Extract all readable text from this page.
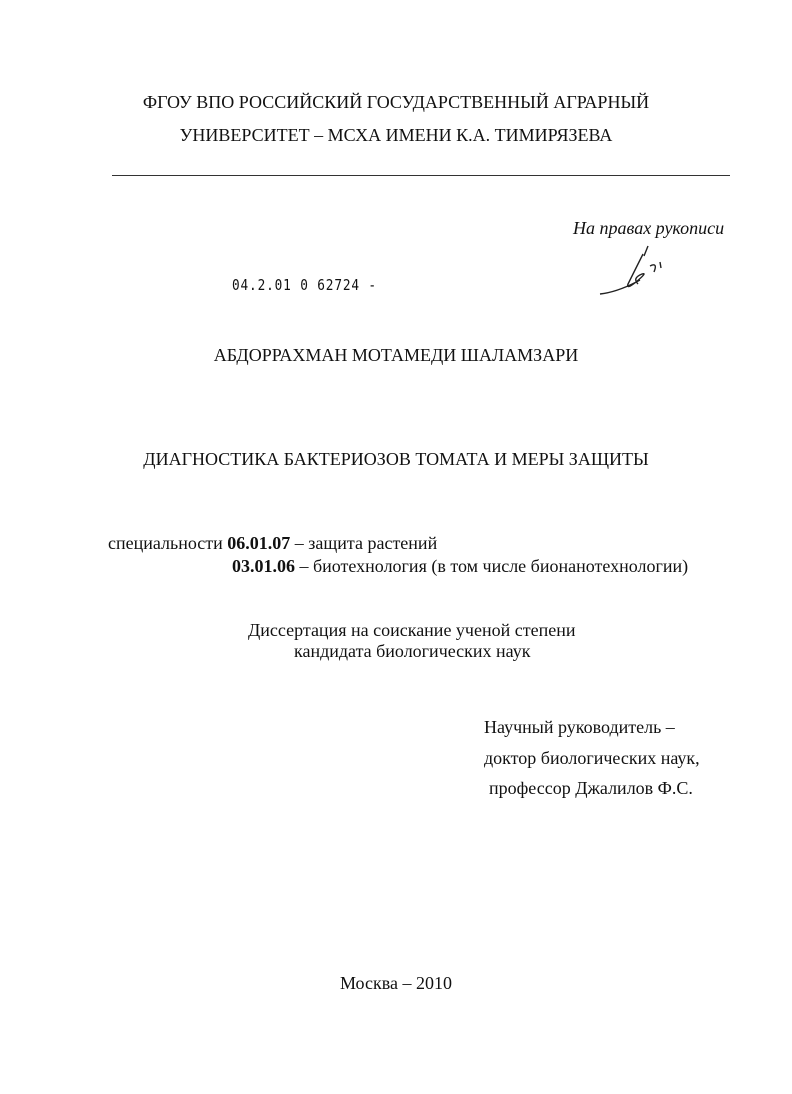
ФГОУ ВПО РОССИЙСКИЙ ГОСУДАРСТВЕННЫЙ АГРАРНЫЙ
УНИВЕРСИТЕТ – МСХА ИМЕНИ К.А. ТИМИРЯЗЕВА
На правах рукописи
04.2.01 0 62724 -
АБДОРРАХМАН МОТАМЕДИ ШАЛАМЗАРИ
ДИАГНОСТИКА БАКТЕРИОЗОВ ТОМАТА И МЕРЫ ЗАЩИТЫ
специальности 06.01.07 – защита растений
03.01.06 – биотехнология (в том числе бионанотехнологии)
Диссертация на соискание ученой степени
кандидата биологических наук
Научный руководитель –
доктор биологических наук,
профессор Джалилов Ф.С.
Москва – 2010
